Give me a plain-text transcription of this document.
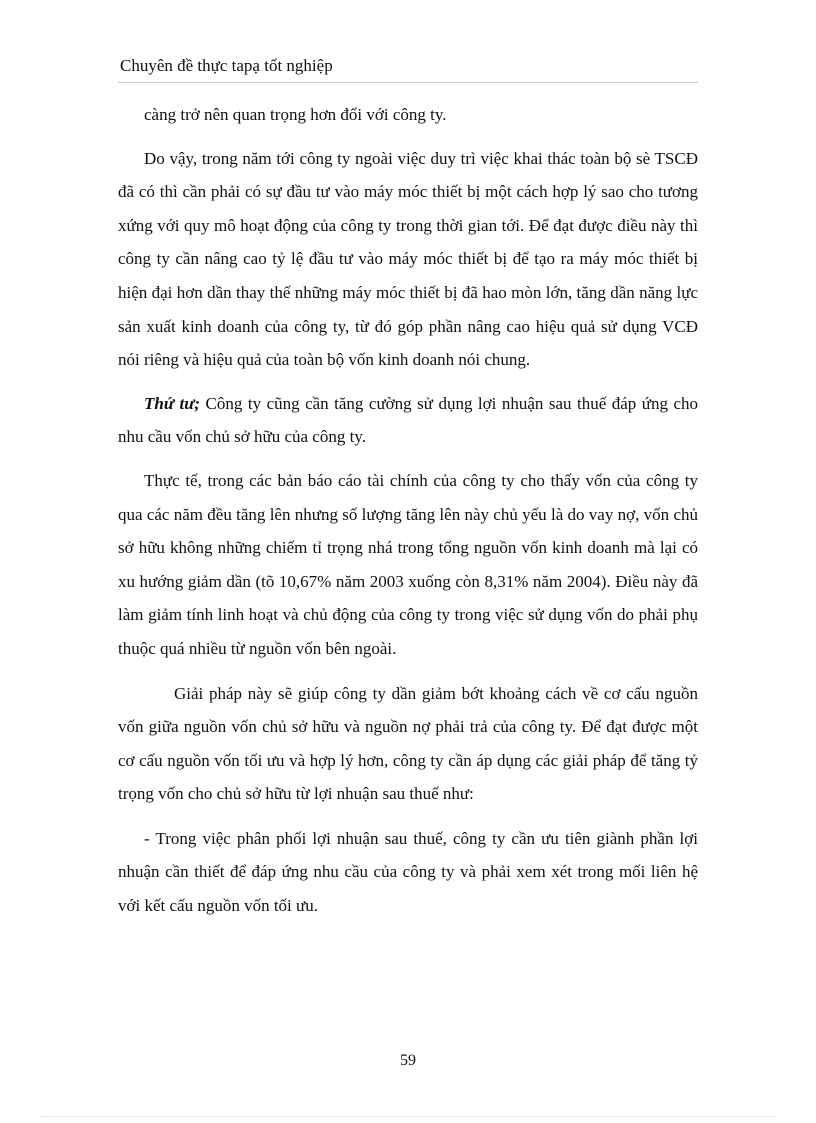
Chuyên đề thực tapạ tốt nghiệp

càng trở nên quan trọng hơn đối với công ty.

Do vậy, trong năm tới công ty ngoài việc duy trì việc khai thác toàn bộ sè TSCĐ đã có thì cần phải có sự đầu tư vào máy móc thiết bị một cách hợp lý sao cho tương xứng với quy mô hoạt động của công ty trong thời gian tới. Để đạt được điều này thì công ty cần nâng cao tỷ lệ đầu tư vào máy móc thiết bị để tạo ra máy móc thiết bị hiện đại hơn dần thay thế những máy móc thiết bị đã hao mòn lớn, tăng dần năng lực sản xuất kinh doanh của công ty, từ đó góp phần nâng cao hiệu quả sử dụng VCĐ nói riêng và hiệu quả của toàn bộ vốn kinh doanh nói chung.

Thứ tư; Công ty cũng cần tăng cường sử dụng lợi nhuận sau thuế đáp ứng cho nhu cầu vốn chủ sở hữu của công ty.

Thực tế, trong các bản báo cáo tài chính của công ty cho thấy vốn của công ty qua các năm đều tăng lên nhưng số lượng tăng lên này chủ yếu là do vay nợ, vốn chủ sở hữu không những chiếm tỉ trọng nhá trong tổng nguồn vốn kinh doanh mà lại có xu hướng giảm dần (tõ 10,67% năm 2003 xuống còn 8,31% năm 2004). Điều này đã làm giảm tính linh hoạt và chủ động của công ty trong việc sử dụng vốn do phải phụ thuộc quá nhiều từ nguồn vốn bên ngoài.

Giải pháp này sẽ giúp công ty dần giảm bớt khoảng cách về cơ cấu nguồn vốn giữa nguồn vốn chủ sở hữu và nguồn nợ phải trả của công ty. Để đạt được một cơ cấu nguồn vốn tối ưu và hợp lý hơn, công ty cần áp dụng các giải pháp để tăng tỷ trọng vốn cho chủ sở hữu từ lợi nhuận sau thuế như:

- Trong việc phân phối lợi nhuận sau thuế, công ty cần ưu tiên giành phần lợi nhuận cần thiết để đáp ứng nhu cầu của công ty và phải xem xét trong mối liên hệ với kết cấu nguồn vốn tối ưu.

59
